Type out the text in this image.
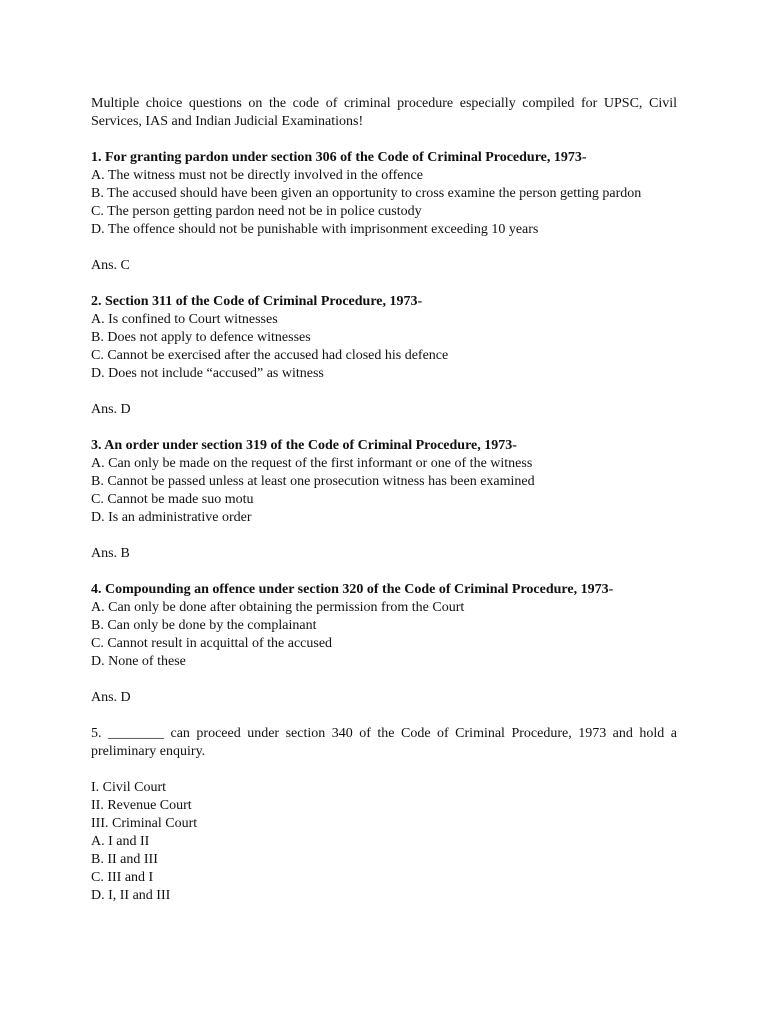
Multiple choice questions on the code of criminal procedure especially compiled for UPSC, Civil Services, IAS and Indian Judicial Examinations!

1. For granting pardon under section 306 of the Code of Criminal Procedure, 1973-

A. The witness must not be directly involved in the offence

B. The accused should have been given an opportunity to cross examine the person getting pardon

C. The person getting pardon need not be in police custody

D. The offence should not be punishable with imprisonment exceeding 10 years

Ans. C

2. Section 311 of the Code of Criminal Procedure, 1973-

A. Is confined to Court witnesses

B. Does not apply to defence witnesses

C. Cannot be exercised after the accused had closed his defence

D. Does not include “accused” as witness

Ans. D

3. An order under section 319 of the Code of Criminal Procedure, 1973-

A. Can only be made on the request of the first informant or one of the witness

B. Cannot be passed unless at least one prosecution witness has been examined

C. Cannot be made suo motu

D. Is an administrative order

Ans. B

4. Compounding an offence under section 320 of the Code of Criminal Procedure, 1973-

A. Can only be done after obtaining the permission from the Court

B. Can only be done by the complainant

C. Cannot result in acquittal of the accused

D. None of these

Ans. D

5. ________ can proceed under section 340 of the Code of Criminal Procedure, 1973 and hold a preliminary enquiry.

I. Civil Court

II. Revenue Court

III. Criminal Court

A. I and II

B. II and III

C. III and I

D. I, II and III
